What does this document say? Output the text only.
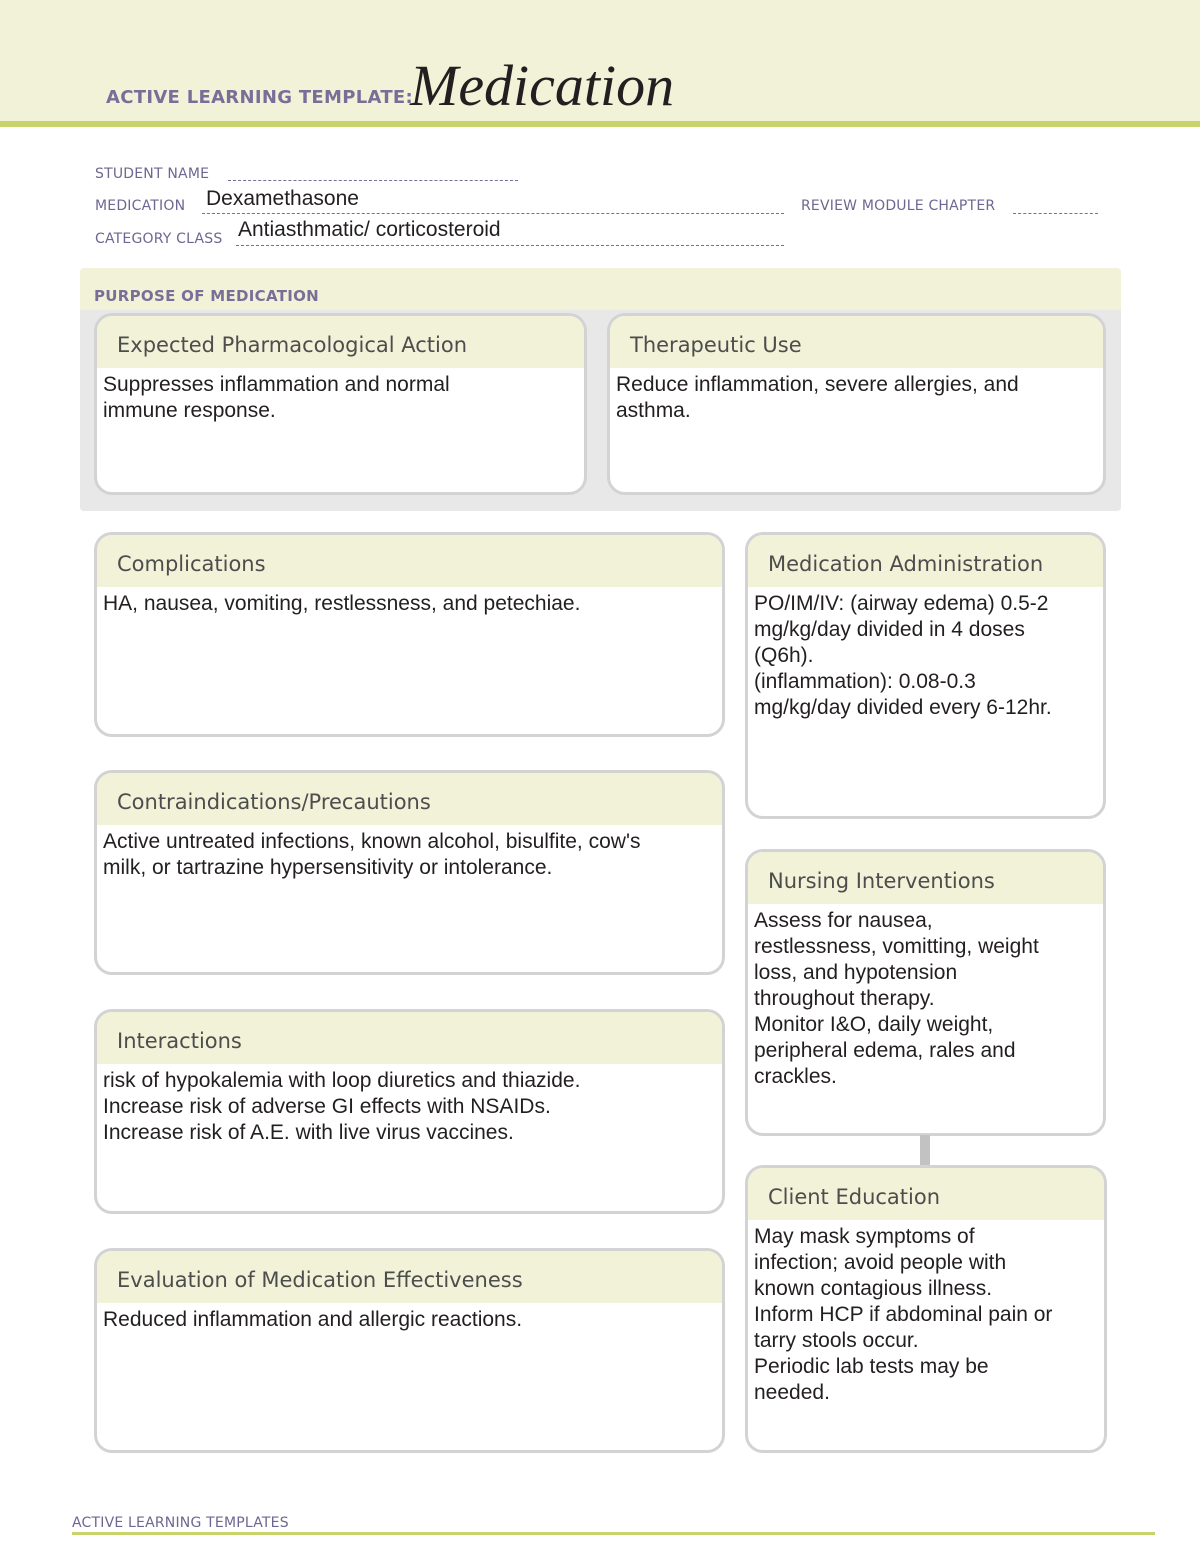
ACTIVE LEARNING TEMPLATE:
Medication
STUDENT NAME
MEDICATION Dexamethasone	REVIEW MODULE CHAPTER
CATEGORY CLASS Antiasthmatic/ corticosteroid
PURPOSE OF MEDICATION
Expected Pharmacological Action
Suppresses inflammation and normal
immune response.
Therapeutic Use
Reduce inflammation, severe allergies, and
asthma.
Complications
HA, nausea, vomiting, restlessness, and petechiae.
Contraindications/Precautions
Active untreated infections, known alcohol, bisulfite, cow's
milk, or tartrazine hypersensitivity or intolerance.
Interactions
risk of hypokalemia with loop diuretics and thiazide.
Increase risk of adverse GI effects with NSAIDs.
Increase risk of A.E. with live virus vaccines.
Evaluation of Medication Effectiveness
Reduced inflammation and allergic reactions.
Medication Administration
PO/IM/IV: (airway edema) 0.5-2
mg/kg/day divided in 4 doses
(Q6h).
(inflammation): 0.08-0.3
mg/kg/day divided every 6-12hr.
Nursing Interventions
Assess for nausea,
restlessness, vomitting, weight
loss, and hypotension
throughout therapy.
Monitor I&O, daily weight,
peripheral edema, rales and
crackles.
Client Education
May mask symptoms of
infection; avoid people with
known contagious illness.
Inform HCP if abdominal pain or
tarry stools occur.
Periodic lab tests may be
needed.
ACTIVE LEARNING TEMPLATES
